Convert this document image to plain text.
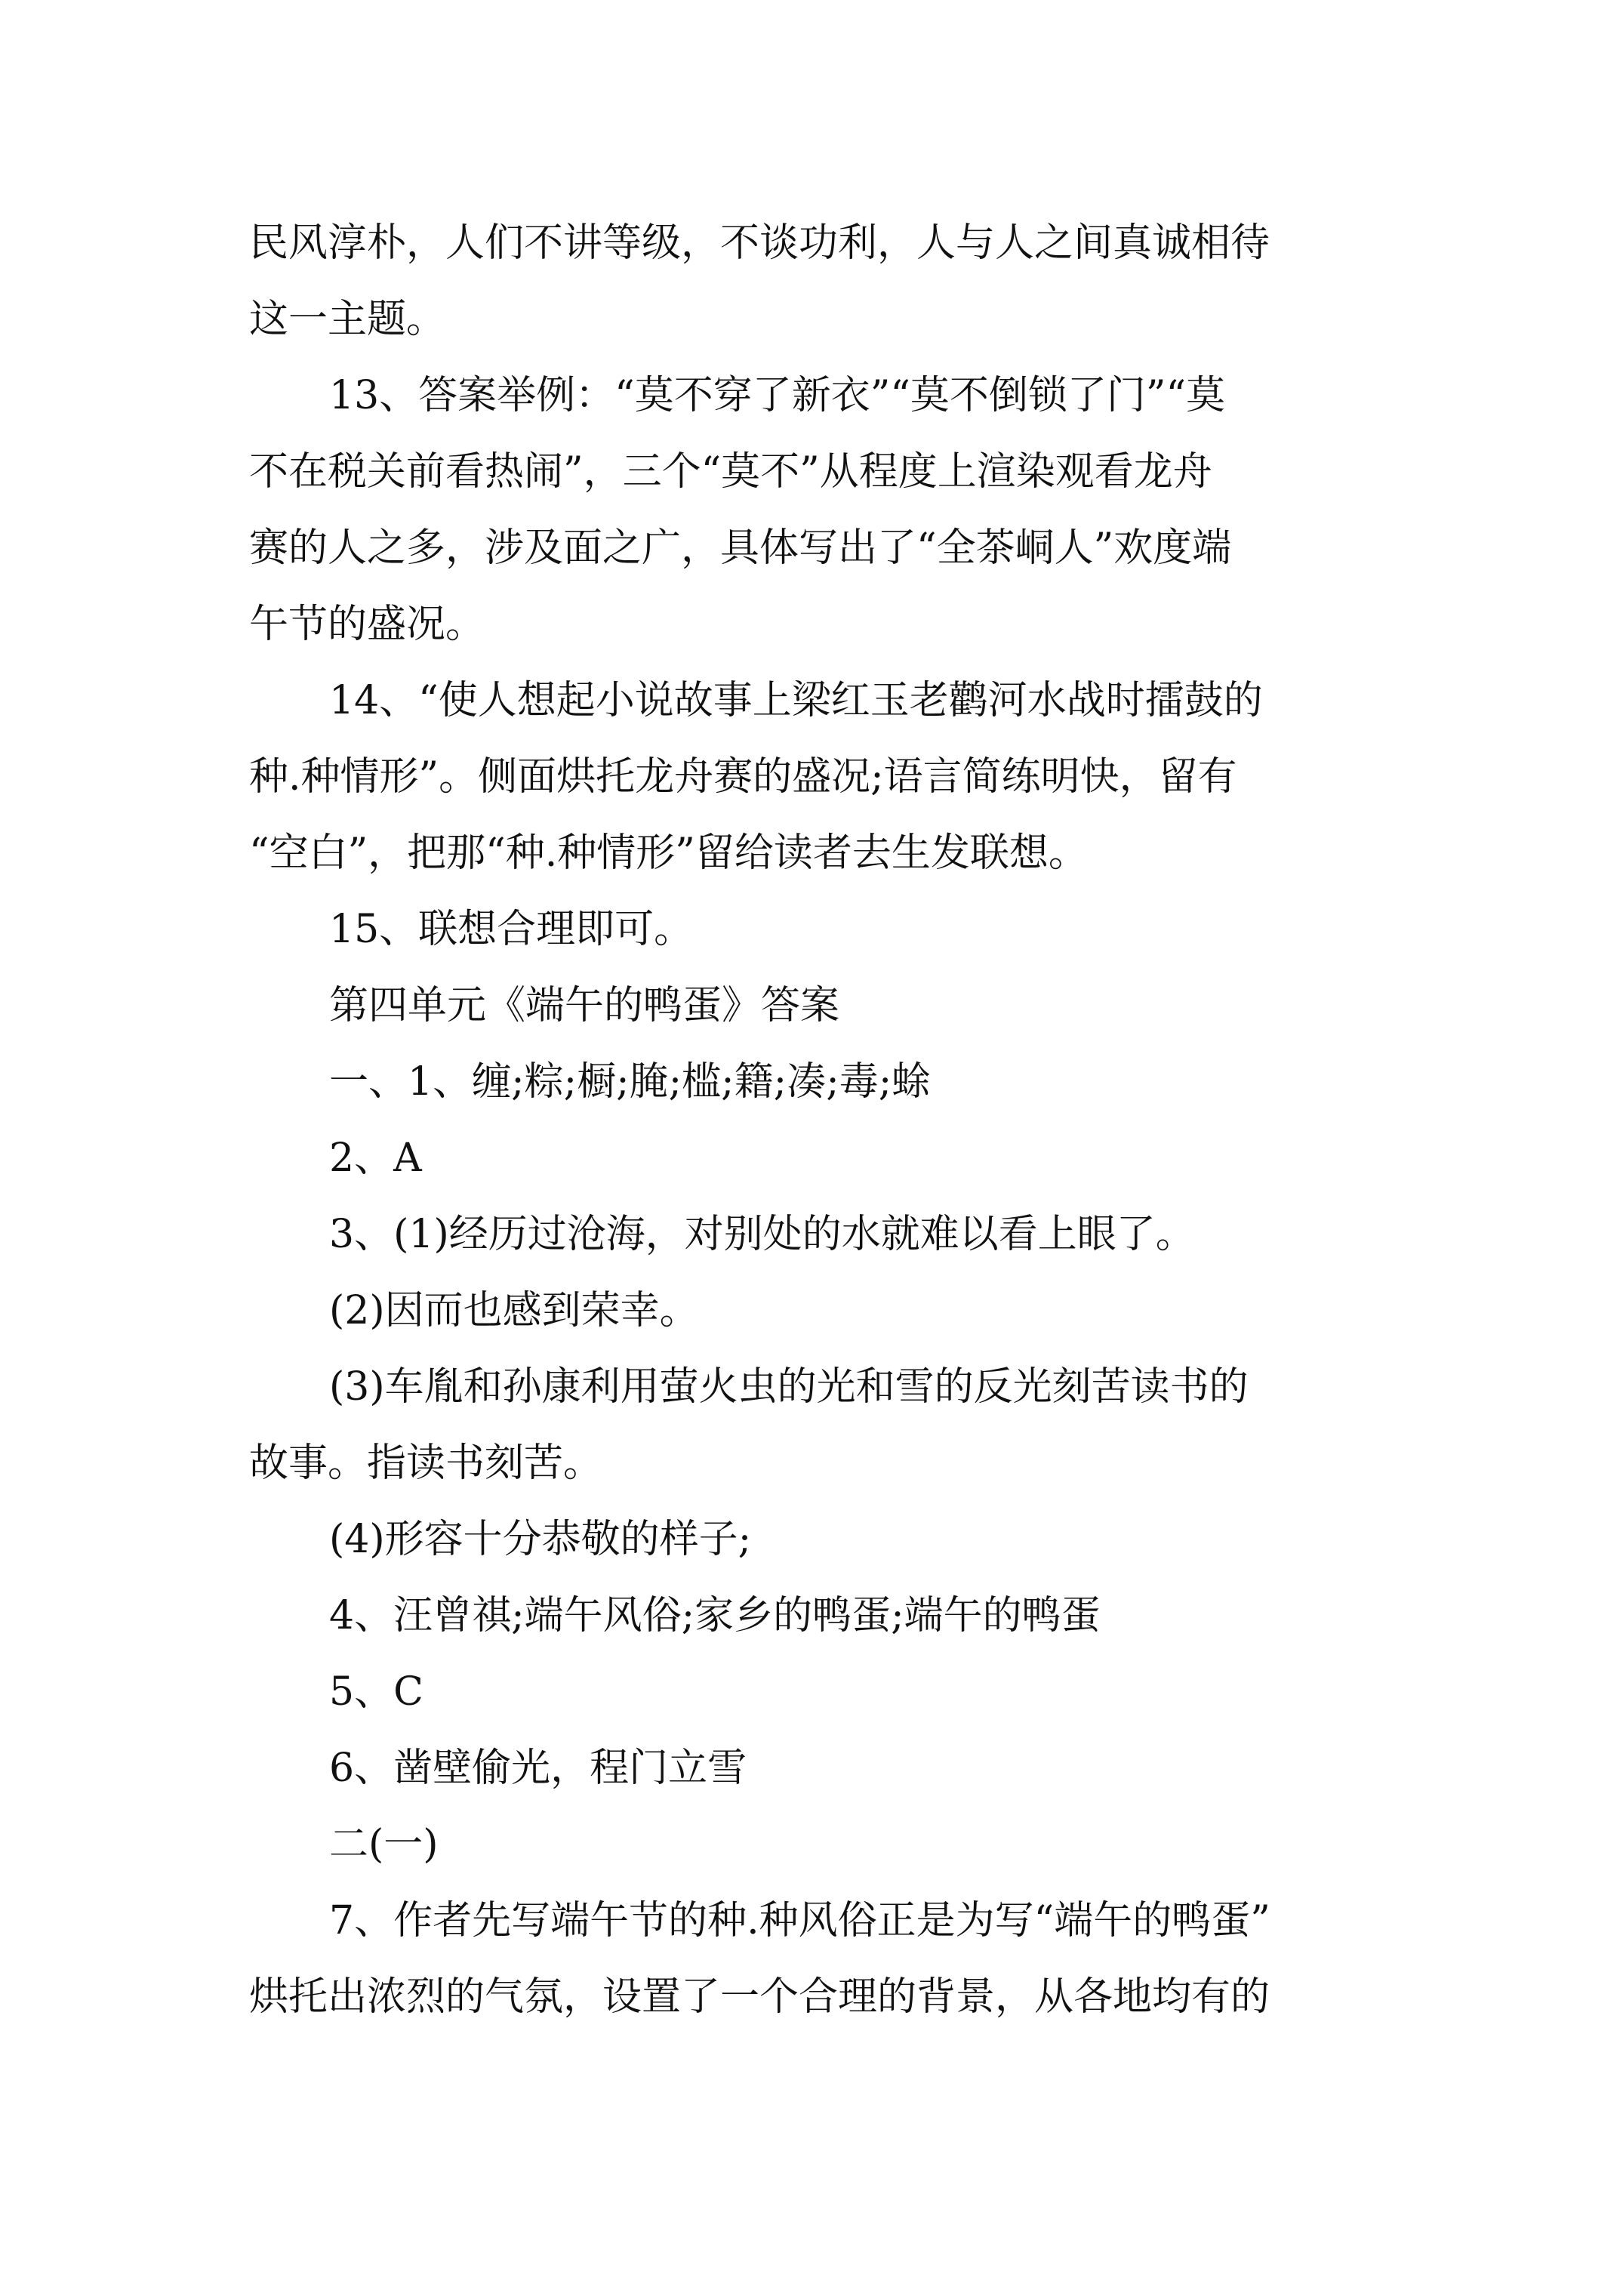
民风淳朴，人们不讲等级，不谈功利，人与人之间真诚相待
这一主题。
13、答案举例：“莫不穿了新衣”“莫不倒锁了门”“莫
不在税关前看热闹”，三个“莫不”从程度上渲染观看龙舟
赛的人之多，涉及面之广，具体写出了“全茶峒人”欢度端
午节的盛况。
14、“使人想起小说故事上梁红玉老鹳河水战时擂鼓的
种.种情形”。侧面烘托龙舟赛的盛况;语言简练明快，留有
“空白”，把那“种.种情形”留给读者去生发联想。
15、联想合理即可。
第四单元《端午的鸭蛋》答案
一、1、缠;粽;橱;腌;槛;籍;凑;毒;蜍
2、A
3、(1)经历过沧海，对别处的水就难以看上眼了。
(2)因而也感到荣幸。
(3)车胤和孙康利用萤火虫的光和雪的反光刻苦读书的
故事。指读书刻苦。
(4)形容十分恭敬的样子;
4、汪曾祺;端午风俗;家乡的鸭蛋;端午的鸭蛋
5、C
6、凿壁偷光，程门立雪
二(一)
7、作者先写端午节的种.种风俗正是为写“端午的鸭蛋”
烘托出浓烈的气氛，设置了一个合理的背景，从各地均有的
